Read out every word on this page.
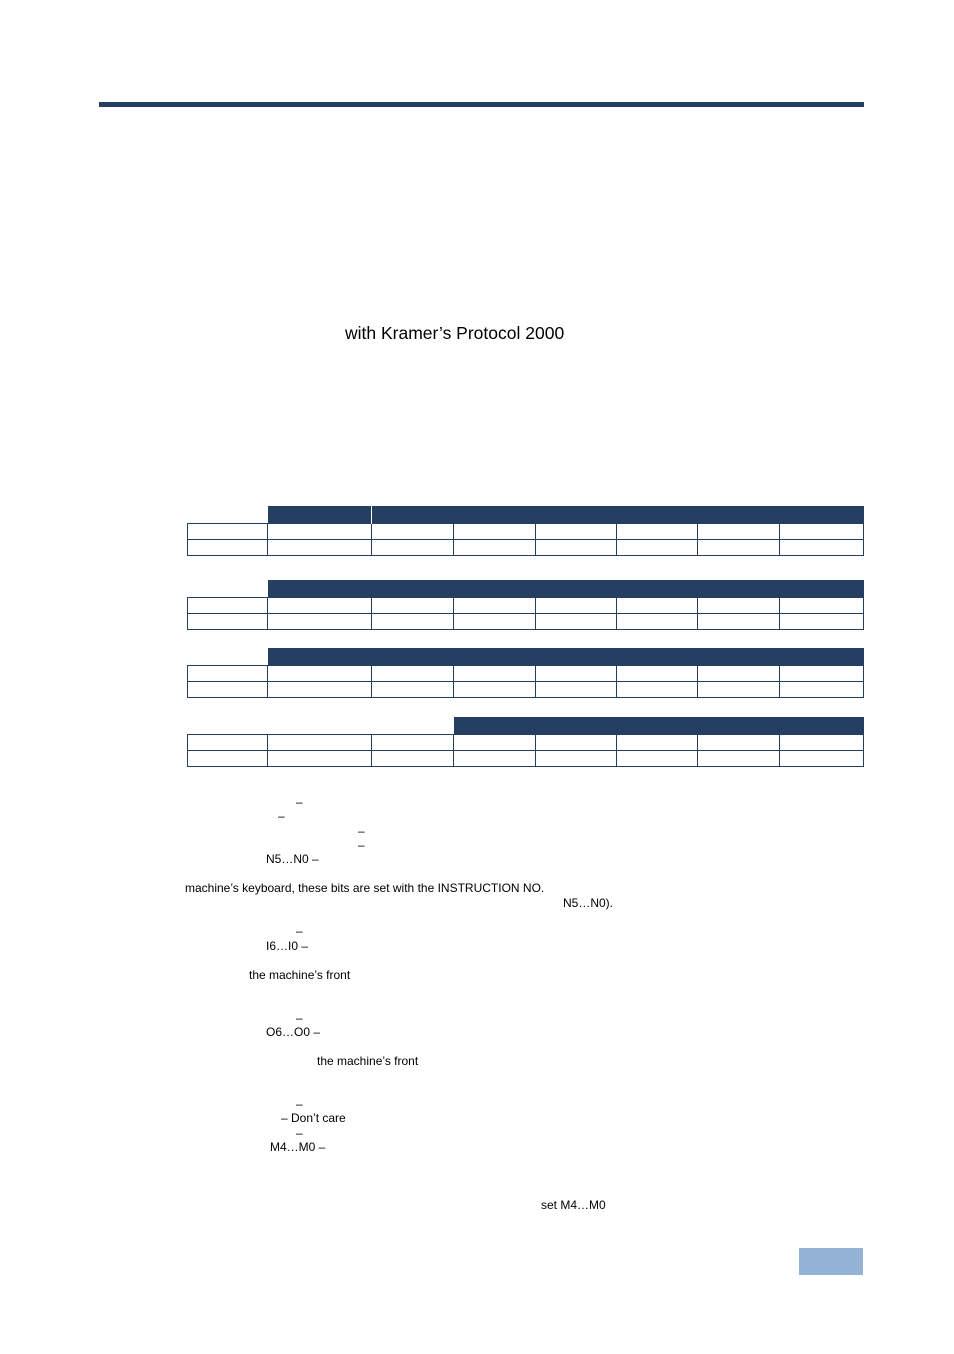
with Kramer’s Protocol 2000

–
–
–
–
N5…N0 –
machine’s keyboard, these bits are set with the INSTRUCTION NO.
N5…N0).
–
I6…I0 –
the machine’s front
–
O6…O0 –
the machine’s front
–
– Don’t care
–
M4…M0 –
set M4…M0
